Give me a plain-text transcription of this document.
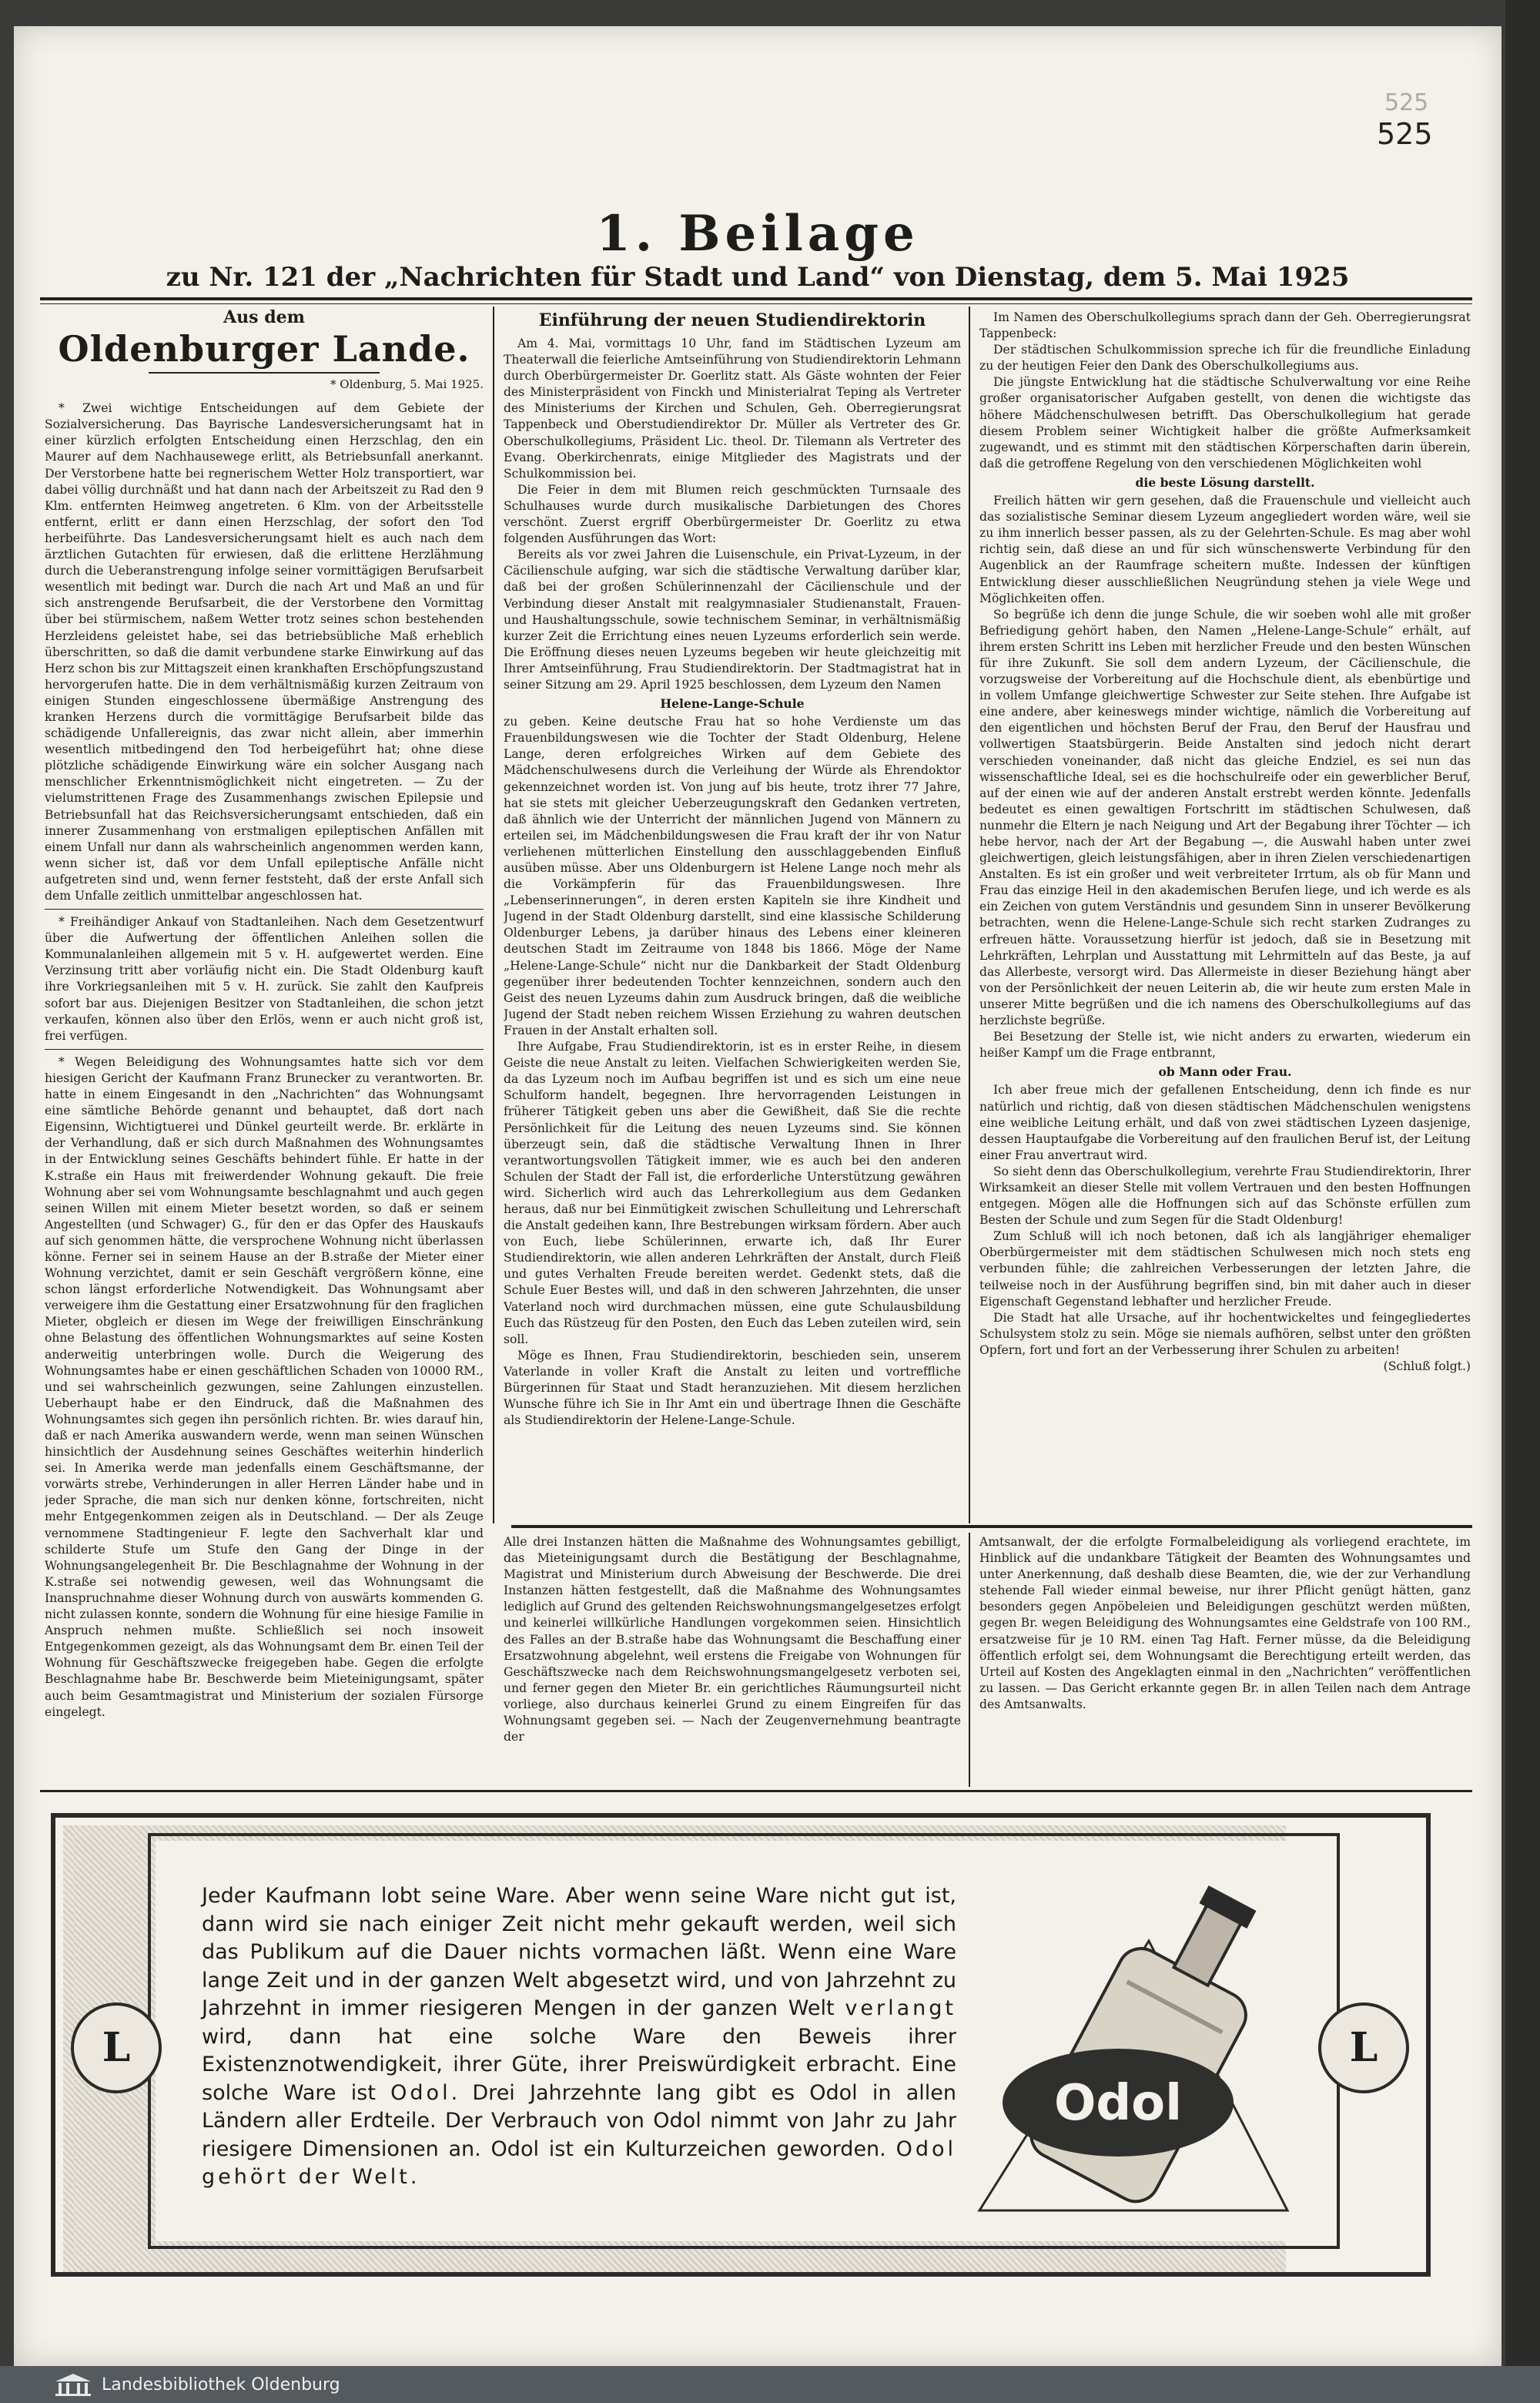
525
525
1. Beilage
zu Nr. 121 der „Nachrichten für Stadt und Land“ von Dienstag, dem 5. Mai 1925
Aus dem
Oldenburger Lande.
* Oldenburg, 5. Mai 1925.

* Zwei wichtige Entscheidungen auf dem Gebiete der Sozialversicherung. Das Bayrische Landesversicherungsamt hat in einer kürzlich erfolgten Entscheidung einen Herzschlag, den ein Maurer auf dem Nachhausewege erlitt, als Betriebsunfall anerkannt. Der Verstorbene hatte bei regnerischem Wetter Holz transportiert, war dabei völlig durchnäßt und hat dann nach der Arbeitszeit zu Rad den 9 Klm. entfernten Heimweg angetreten. 6 Klm. von der Arbeitsstelle entfernt, erlitt er dann einen Herzschlag, der sofort den Tod herbeiführte. Das Landesversicherungsamt hielt es auch nach dem ärztlichen Gutachten für erwiesen, daß die erlittene Herzlähmung durch die Ueberanstrengung infolge seiner vormittägigen Berufsarbeit wesentlich mit bedingt war. Durch die nach Art und Maß an und für sich anstrengende Berufsarbeit, die der Verstorbene den Vormittag über bei stürmischem, naßem Wetter trotz seines schon bestehenden Herzleidens geleistet habe, sei das betriebsübliche Maß erheblich überschritten, so daß die damit verbundene starke Einwirkung auf das Herz schon bis zur Mittagszeit einen krankhaften Erschöpfungszustand hervorgerufen hatte. Die in dem verhältnismäßig kurzen Zeitraum von einigen Stunden eingeschlossene übermäßige Anstrengung des kranken Herzens durch die vormittägige Berufsarbeit bilde das schädigende Unfallereignis, das zwar nicht allein, aber immerhin wesentlich mitbedingend den Tod herbeigeführt hat; ohne diese plötzliche schädigende Einwirkung wäre ein solcher Ausgang nach menschlicher Erkenntnismöglichkeit nicht eingetreten. — Zu der vielumstrittenen Frage des Zusammenhangs zwischen Epilepsie und Betriebsunfall hat das Reichsversicherungsamt entschieden, daß ein innerer Zusammenhang von erstmaligen epileptischen Anfällen mit einem Unfall nur dann als wahrscheinlich angenommen werden kann, wenn sicher ist, daß vor dem Unfall epileptische Anfälle nicht aufgetreten sind und, wenn ferner feststeht, daß der erste Anfall sich dem Unfalle zeitlich unmittelbar angeschlossen hat.

* Freihändiger Ankauf von Stadtanleihen. Nach dem Gesetzentwurf über die Aufwertung der öffentlichen Anleihen sollen die Kommunalanleihen allgemein mit 5 v. H. aufgewertet werden. Eine Verzinsung tritt aber vorläufig nicht ein. Die Stadt Oldenburg kauft ihre Vorkriegsanleihen mit 5 v. H. zurück. Sie zahlt den Kaufpreis sofort bar aus. Diejenigen Besitzer von Stadtanleihen, die schon jetzt verkaufen, können also über den Erlös, wenn er auch nicht groß ist, frei verfügen.

* Wegen Beleidigung des Wohnungsamtes hatte sich vor dem hiesigen Gericht der Kaufmann Franz Brunecker zu verantworten. Br. hatte in einem Eingesandt in den „Nachrichten“ das Wohnungsamt eine sämtliche Behörde genannt und behauptet, daß dort nach Eigensinn, Wichtigtuerei und Dünkel geurteilt werde. Br. erklärte in der Verhandlung, daß er sich durch Maßnahmen des Wohnungsamtes in der Entwicklung seines Geschäfts behindert fühle. Er hatte in der K.straße ein Haus mit freiwerdender Wohnung gekauft. Die freie Wohnung aber sei vom Wohnungsamte beschlagnahmt und auch gegen seinen Willen mit einem Mieter besetzt worden, so daß er seinem Angestellten (und Schwager) G., für den er das Opfer des Hauskaufs auf sich genommen hätte, die versprochene Wohnung nicht überlassen könne. Ferner sei in seinem Hause an der B.straße der Mieter einer Wohnung verzichtet, damit er sein Geschäft vergrößern könne, eine schon längst erforderliche Notwendigkeit. Das Wohnungsamt aber verweigere ihm die Gestattung einer Ersatzwohnung für den fraglichen Mieter, obgleich er diesen im Wege der freiwilligen Einschränkung ohne Belastung des öffentlichen Wohnungsmarktes auf seine Kosten anderweitig unterbringen wolle. Durch die Weigerung des Wohnungsamtes habe er einen geschäftlichen Schaden von 10000 RM., und sei wahrscheinlich gezwungen, seine Zahlungen einzustellen. Ueberhaupt habe er den Eindruck, daß die Maßnahmen des Wohnungsamtes sich gegen ihn persönlich richten. Br. wies darauf hin, daß er nach Amerika auswandern werde, wenn man seinen Wünschen hinsichtlich der Ausdehnung seines Geschäftes weiterhin hinderlich sei. In Amerika werde man jedenfalls einem Geschäftsmanne, der vorwärts strebe, Verhinderungen in aller Herren Länder habe und in jeder Sprache, die man sich nur denken könne, fortschreiten, nicht mehr Entgegenkommen zeigen als in Deutschland. — Der als Zeuge vernommene Stadtingenieur F. legte den Sachverhalt klar und schilderte Stufe um Stufe den Gang der Dinge in der Wohnungsangelegenheit Br. Die Beschlagnahme der Wohnung in der K.straße sei notwendig gewesen, weil das Wohnungsamt die Inanspruchnahme dieser Wohnung durch von auswärts kommenden G. nicht zulassen konnte, sondern die Wohnung für eine hiesige Familie in Anspruch nehmen mußte. Schließlich sei noch insoweit Entgegenkommen gezeigt, als das Wohnungsamt dem Br. einen Teil der Wohnung für Geschäftszwecke freigegeben habe. Gegen die erfolgte Beschlagnahme habe Br. Beschwerde beim Mieteinigungsamt, später auch beim Gesamtmagistrat und Ministerium der sozialen Fürsorge eingelegt.

Einführung der neuen Studiendirektorin

Am 4. Mai, vormittags 10 Uhr, fand im Städtischen Lyzeum am Theaterwall die feierliche Amtseinführung von Studiendirektorin Lehmann durch Oberbürgermeister Dr. Goerlitz statt. Als Gäste wohnten der Feier des Ministerpräsident von Finckh und Ministerialrat Teping als Vertreter des Ministeriums der Kirchen und Schulen, Geh. Oberregierungsrat Tappenbeck und Oberstudiendirektor Dr. Müller als Vertreter des Gr. Oberschulkollegiums, Präsident Lic. theol. Dr. Tilemann als Vertreter des Evang. Oberkirchenrats, einige Mitglieder des Magistrats und der Schulkommission bei.

Die Feier in dem mit Blumen reich geschmückten Turnsaale des Schulhauses wurde durch musikalische Darbietungen des Chores verschönt. Zuerst ergriff Oberbürgermeister Dr. Goerlitz zu etwa folgenden Ausführungen das Wort:

Bereits als vor zwei Jahren die Luisenschule, ein Privat-Lyzeum, in der Cäcilienschule aufging, war sich die städtische Verwaltung darüber klar, daß bei der großen Schülerinnenzahl der Cäcilienschule und der Verbindung dieser Anstalt mit realgymnasialer Studienanstalt, Frauen- und Haushaltungsschule, sowie technischem Seminar, in verhältnismäßig kurzer Zeit die Errichtung eines neuen Lyzeums erforderlich sein werde. Die Eröffnung dieses neuen Lyzeums begeben wir heute gleichzeitig mit Ihrer Amtseinführung, Frau Studiendirektorin. Der Stadtmagistrat hat in seiner Sitzung am 29. April 1925 beschlossen, dem Lyzeum den Namen

Helene-Lange-Schule

zu geben. Keine deutsche Frau hat so hohe Verdienste um das Frauenbildungswesen wie die Tochter der Stadt Oldenburg, Helene Lange, deren erfolgreiches Wirken auf dem Gebiete des Mädchenschulwesens durch die Verleihung der Würde als Ehrendoktor gekennzeichnet worden ist. Von jung auf bis heute, trotz ihrer 77 Jahre, hat sie stets mit gleicher Ueberzeugungskraft den Gedanken vertreten, daß ähnlich wie der Unterricht der männlichen Jugend von Männern zu erteilen sei, im Mädchenbildungswesen die Frau kraft der ihr von Natur verliehenen mütterlichen Einstellung den ausschlaggebenden Einfluß ausüben müsse. Aber uns Oldenburgern ist Helene Lange noch mehr als die Vorkämpferin für das Frauenbildungswesen. Ihre „Lebenserinnerungen“, in deren ersten Kapiteln sie ihre Kindheit und Jugend in der Stadt Oldenburg darstellt, sind eine klassische Schilderung Oldenburger Lebens, ja darüber hinaus des Lebens einer kleineren deutschen Stadt im Zeitraume von 1848 bis 1866. Möge der Name „Helene-Lange-Schule“ nicht nur die Dankbarkeit der Stadt Oldenburg gegenüber ihrer bedeutenden Tochter kennzeichnen, sondern auch den Geist des neuen Lyzeums dahin zum Ausdruck bringen, daß die weibliche Jugend der Stadt neben reichem Wissen Erziehung zu wahren deutschen Frauen in der Anstalt erhalten soll.

Ihre Aufgabe, Frau Studiendirektorin, ist es in erster Reihe, in diesem Geiste die neue Anstalt zu leiten. Vielfachen Schwierigkeiten werden Sie, da das Lyzeum noch im Aufbau begriffen ist und es sich um eine neue Schulform handelt, begegnen. Ihre hervorragenden Leistungen in früherer Tätigkeit geben uns aber die Gewißheit, daß Sie die rechte Persönlichkeit für die Leitung des neuen Lyzeums sind. Sie können überzeugt sein, daß die städtische Verwaltung Ihnen in Ihrer verantwortungsvollen Tätigkeit immer, wie es auch bei den anderen Schulen der Stadt der Fall ist, die erforderliche Unterstützung gewähren wird. Sicherlich wird auch das Lehrerkollegium aus dem Gedanken heraus, daß nur bei Einmütigkeit zwischen Schulleitung und Lehrerschaft die Anstalt gedeihen kann, Ihre Bestrebungen wirksam fördern. Aber auch von Euch, liebe Schülerinnen, erwarte ich, daß Ihr Eurer Studiendirektorin, wie allen anderen Lehrkräften der Anstalt, durch Fleiß und gutes Verhalten Freude bereiten werdet. Gedenkt stets, daß die Schule Euer Bestes will, und daß in den schweren Jahrzehnten, die unser Vaterland noch wird durchmachen müssen, eine gute Schulausbildung Euch das Rüstzeug für den Posten, den Euch das Leben zuteilen wird, sein soll.

Möge es Ihnen, Frau Studiendirektorin, beschieden sein, unserem Vaterlande in voller Kraft die Anstalt zu leiten und vortreffliche Bürgerinnen für Staat und Stadt heranzuziehen. Mit diesem herzlichen Wunsche führe ich Sie in Ihr Amt ein und übertrage Ihnen die Geschäfte als Studiendirektorin der Helene-Lange-Schule.

Im Namen des Oberschulkollegiums sprach dann der Geh. Oberregierungsrat Tappenbeck:

Der städtischen Schulkommission spreche ich für die freundliche Einladung zu der heutigen Feier den Dank des Oberschulkollegiums aus.

Die jüngste Entwicklung hat die städtische Schulverwaltung vor eine Reihe großer organisatorischer Aufgaben gestellt, von denen die wichtigste das höhere Mädchenschulwesen betrifft. Das Oberschulkollegium hat gerade diesem Problem seiner Wichtigkeit halber die größte Aufmerksamkeit zugewandt, und es stimmt mit den städtischen Körperschaften darin überein, daß die getroffene Regelung von den verschiedenen Möglichkeiten wohl

die beste Lösung darstellt.

Freilich hätten wir gern gesehen, daß die Frauenschule und vielleicht auch das sozialistische Seminar diesem Lyzeum angegliedert worden wäre, weil sie zu ihm innerlich besser passen, als zu der Gelehrten-Schule. Es mag aber wohl richtig sein, daß diese an und für sich wünschenswerte Verbindung für den Augenblick an der Raumfrage scheitern mußte. Indessen der künftigen Entwicklung dieser ausschließlichen Neugründung stehen ja viele Wege und Möglichkeiten offen.

So begrüße ich denn die junge Schule, die wir soeben wohl alle mit großer Befriedigung gehört haben, den Namen „Helene-Lange-Schule“ erhält, auf ihrem ersten Schritt ins Leben mit herzlicher Freude und den besten Wünschen für ihre Zukunft. Sie soll dem andern Lyzeum, der Cäcilienschule, die vorzugsweise der Vorbereitung auf die Hochschule dient, als ebenbürtige und in vollem Umfange gleichwertige Schwester zur Seite stehen. Ihre Aufgabe ist eine andere, aber keineswegs minder wichtige, nämlich die Vorbereitung auf den eigentlichen und höchsten Beruf der Frau, den Beruf der Hausfrau und vollwertigen Staatsbürgerin. Beide Anstalten sind jedoch nicht derart verschieden voneinander, daß nicht das gleiche Endziel, es sei nun das wissenschaftliche Ideal, sei es die hochschulreife oder ein gewerblicher Beruf, auf der einen wie auf der anderen Anstalt erstrebt werden könnte. Jedenfalls bedeutet es einen gewaltigen Fortschritt im städtischen Schulwesen, daß nunmehr die Eltern je nach Neigung und Art der Begabung ihrer Töchter — ich hebe hervor, nach der Art der Begabung —, die Auswahl haben unter zwei gleichwertigen, gleich leistungsfähigen, aber in ihren Zielen verschiedenartigen Anstalten. Es ist ein großer und weit verbreiteter Irrtum, als ob für Mann und Frau das einzige Heil in den akademischen Berufen liege, und ich werde es als ein Zeichen von gutem Verständnis und gesundem Sinn in unserer Bevölkerung betrachten, wenn die Helene-Lange-Schule sich recht starken Zudranges zu erfreuen hätte. Voraussetzung hierfür ist jedoch, daß sie in Besetzung mit Lehrkräften, Lehrplan und Ausstattung mit Lehrmitteln auf das Beste, ja auf das Allerbeste, versorgt wird. Das Allermeiste in dieser Beziehung hängt aber von der Persönlichkeit der neuen Leiterin ab, die wir heute zum ersten Male in unserer Mitte begrüßen und die ich namens des Oberschulkollegiums auf das herzlichste begrüße.

Bei Besetzung der Stelle ist, wie nicht anders zu erwarten, wiederum ein heißer Kampf um die Frage entbrannt,

ob Mann oder Frau.

Ich aber freue mich der gefallenen Entscheidung, denn ich finde es nur natürlich und richtig, daß von diesen städtischen Mädchenschulen wenigstens eine weibliche Leitung erhält, und daß von zwei städtischen Lyzeen dasjenige, dessen Hauptaufgabe die Vorbereitung auf den fraulichen Beruf ist, der Leitung einer Frau anvertraut wird.

So sieht denn das Oberschulkollegium, verehrte Frau Studiendirektorin, Ihrer Wirksamkeit an dieser Stelle mit vollem Vertrauen und den besten Hoffnungen entgegen. Mögen alle die Hoffnungen sich auf das Schönste erfüllen zum Besten der Schule und zum Segen für die Stadt Oldenburg!

Zum Schluß will ich noch betonen, daß ich als langjähriger ehemaliger Oberbürgermeister mit dem städtischen Schulwesen mich noch stets eng verbunden fühle; die zahlreichen Verbesserungen der letzten Jahre, die teilweise noch in der Ausführung begriffen sind, bin mit daher auch in dieser Eigenschaft Gegenstand lebhafter und herzlicher Freude.

Die Stadt hat alle Ursache, auf ihr hochentwickeltes und feingegliedertes Schulsystem stolz zu sein. Möge sie niemals aufhören, selbst unter den größten Opfern, fort und fort an der Verbesserung ihrer Schulen zu arbeiten!

(Schluß folgt.)

Alle drei Instanzen hätten die Maßnahme des Wohnungsamtes gebilligt, das Mieteinigungsamt durch die Bestätigung der Beschlagnahme, Magistrat und Ministerium durch Abweisung der Beschwerde. Die drei Instanzen hätten festgestellt, daß die Maßnahme des Wohnungsamtes lediglich auf Grund des geltenden Reichswohnungsmangelgesetzes erfolgt und keinerlei willkürliche Handlungen vorgekommen seien. Hinsichtlich des Falles an der B.straße habe das Wohnungsamt die Beschaffung einer Ersatzwohnung abgelehnt, weil erstens die Freigabe von Wohnungen für Geschäftszwecke nach dem Reichswohnungsmangelgesetz verboten sei, und ferner gegen den Mieter Br. ein gerichtliches Räumungsurteil nicht vorliege, also durchaus keinerlei Grund zu einem Eingreifen für das Wohnungsamt gegeben sei. — Nach der Zeugenvernehmung beantragte der

Amtsanwalt, der die erfolgte Formalbeleidigung als vorliegend erachtete, im Hinblick auf die undankbare Tätigkeit der Beamten des Wohnungsamtes und unter Anerkennung, daß deshalb diese Beamten, die, wie der zur Verhandlung stehende Fall wieder einmal beweise, nur ihrer Pflicht genügt hätten, ganz besonders gegen Anpöbeleien und Beleidigungen geschützt werden müßten, gegen Br. wegen Beleidigung des Wohnungsamtes eine Geldstrafe von 100 RM., ersatzweise für je 10 RM. einen Tag Haft. Ferner müsse, da die Beleidigung öffentlich erfolgt sei, dem Wohnungsamt die Berechtigung erteilt werden, das Urteil auf Kosten des Angeklagten einmal in den „Nachrichten“ veröffentlichen zu lassen. — Das Gericht erkannte gegen Br. in allen Teilen nach dem Antrage des Amtsanwalts.

L	L
Jeder Kaufmann lobt seine Ware. Aber wenn seine Ware nicht gut ist, dann wird sie nach einiger Zeit nicht mehr gekauft werden, weil sich das Publikum auf die Dauer nichts vormachen läßt. Wenn eine Ware lange Zeit und in der ganzen Welt abgesetzt wird, und von Jahrzehnt zu Jahrzehnt in immer riesigeren Mengen in der ganzen Welt verlangt wird, dann hat eine solche Ware den Beweis ihrer Existenznotwendigkeit, ihrer Güte, ihrer Preiswürdigkeit erbracht. Eine solche Ware ist Odol. Drei Jahrzehnte lang gibt es Odol in allen Ländern aller Erdteile. Der Verbrauch von Odol nimmt von Jahr zu Jahr riesigere Dimensionen an. Odol ist ein Kulturzeichen geworden. Odol gehört der Welt.
Odol
Landesbibliothek Oldenburg
